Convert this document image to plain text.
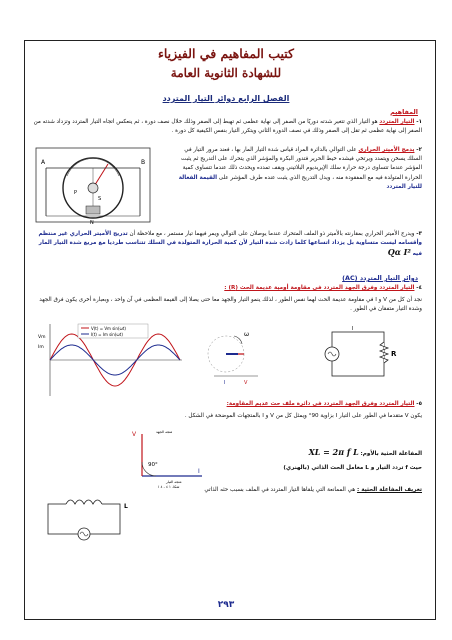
كتيب المفاهيم في الفيزياء
للشهادة الثانوية العامة
الفصل الرابع دوائر التيار المتردد
المفاهيم
١- التيار المتردد هو التيار الذي تتغير شدته دوريًا من الصفر إلى نهاية عظمى ثم تهبط إلى الصفر وذلك خلال نصف دورة ، ثم ينعكس اتجاه التيار المتردد وتزداد شدته من الصفر إلى نهاية عظمى ثم تقل إلى الصفر وذلك في نصف الدورة الثاني ويتكرر التيار بنفس الكيفية كل دورة .
٢- يدمج الأميتر الحراري على التوالي بالدائرة المراد قياس شدة التيار المار بها ، فعند مرور التيار في السلك يسخن ويتمدد ويرتخي فيشده خيط الحرير فتدور البكرة والمؤشر الذي يتحرك على التدريج ثم يثبت المؤشر عندما تتساوى درجة حرارة سلك الإيريديوم البلاتيني ويقف تمدده ويحدث ذلك عندما تتساوى كمية الحرارة المتولدة فيه مع المفقودة منه ، ويدل التدريج الذي يثبت عنده طرف المؤشر على القيمة الفعالة للتيار المتردد
A	B
P
S
N
٣- ويدرج الأميتر الحراري بمقارنته بالأميتر ذو الملف المتحرك عندما يوصلان على التوالي ويمر فيهما تيار مستمر ، مع ملاحظة أن تدريج الأميتر الحراري غير منتظم وأقسامه ليست متساوية بل يزداد اتساعها كلما زادت شدة التيار لأن كمية الحرارة المتولدة في السلك تتناسب طرديا مع مربع شدة التيار المار فيه Qα I²
دوائر التيار المتردد (AC)
٤- التيار المتردد وفرق الجهد المتردد في مقاومة أومية عديمة الحث (R) :
نجد أن كل من V و I في مقاومة عديمة الحث لهما نفس الطور ، لذلك ينمو التيار والجهد معا حتى يصلا إلى القيمة العظمى في آن واحد ، وبعبارة أخرى يكون فرق الجهد وشدة التيار متفقان في الطور .
V(t) = Vm sin(ωt)
I(t) = Im sin(ωt)
Vm
Im
ω
I	V
R
I
٥- التيار المتردد وفرق الجهد المتردد في دائرة ملف حث عديم المقاومة:
يكون V متقدما في الطور على التيار I بزاوية 90° ويمثل كل من V و I بالمتجهات الموضحة في الشكل .
90°
V
I
متجه الجهد
متجه التيار
شكل ( ٤ - ٤ )
المفاعلة الحثية بالأوم: XL = 2π f L
حيث f تردد التيار و L معامل الحث الذاتي (بالهنري)
تعريف المفاعلة الحثية : هي الممانعة التي يلقاها التيار المتردد في الملف بسبب حثه الذاتي
L
٢٩٣
